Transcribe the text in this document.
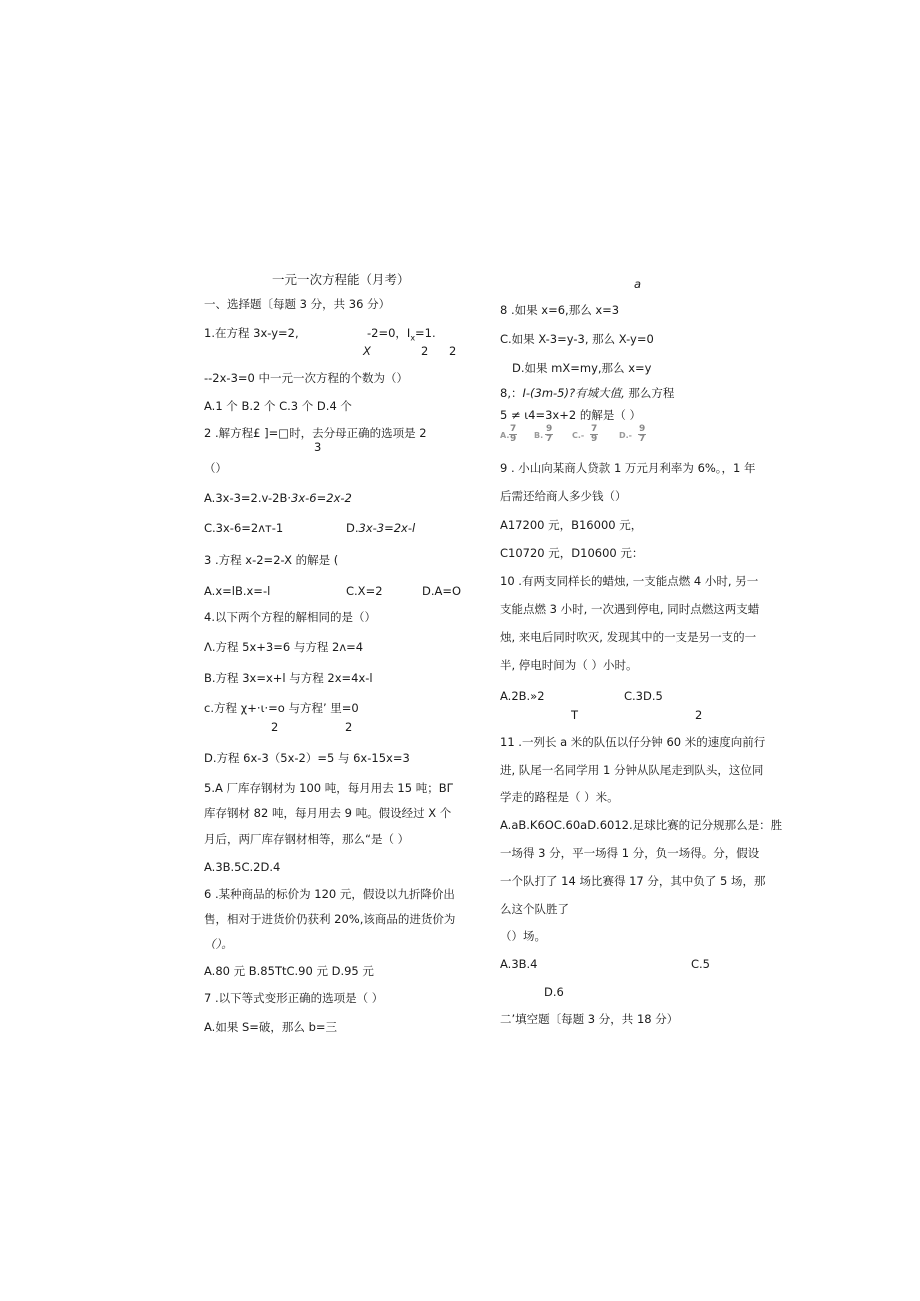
一元一次方程能（月考）	a
一、选择题〔每题 3 分，共 36 分）
1.在方程 3x-y=2,	-2=0，$I_x=1$.
X	2 2
--2x-3=0 中一元一次方程的个数为（）
A.1 个 B.2 个 C.3 个 D.4 个
2 .解方程£ ]=□时，去分母正确的选项是 2
3
（）
A.3x-3=2.v-2B·3x-6=2x-2
C.3x-6=2ʌт-1	D.3x-3=2x-l
3 .方程 x-2=2-X 的解是 (
A.x=lB.x=-l	C.X=2	D.A=O
4.以下两个方程的解相同的是（）
Λ.方程 5x+3=6 与方程 2ʌ=4
B.方程 3x=x+l 与方程 2x=4x-l
c.方程 χ+·ι·=o 与方程’ 里=0
2	2
D.方程 6x-3（5x-2）=5 与 6x-15x=3
5.A 厂库存钢材为 100 吨，每月用去 15 吨；BΓ
库存钢材 82 吨，每月用去 9 吨。假设经过 X 个
月后，两厂库存钢材相等，那么“是（ ）
A.3B.5C.2D.4
6 .某种商品的标价为 120 元，假设以九折降价出
售，相对于进货价仍获利 20%,该商品的进货价为
（）。
A.80 元 B.85TtC.90 元 D.95 元
7 .以下等式变形正确的选项是（ ）
A.如果 S=破，那么 b=三
8 .如果 x=6,那么 x=3
C.如果 X-3=y-3, 那么 X-y=0
D.如果 mX=my,那么 x=y
8,：I-(3m-5)?有城大值, 那么方程
5 ≠ ι4=3x+2 的解是（ ）
A. $\frac{7}{9} B$. $\frac{9}{7} C.- \frac{7}{9}$	$D.- \frac{9}{7}$
9 . 小山向某商人贷款 1 万元月利率为 6%。，1 年
后需还给商人多少钱（）
A17200 元，B16000 元，
C10720 元，D10600 元：
10 .有两支同样长的蜡烛, 一支能点燃 4 小时, 另一
支能点燃 3 小时, 一次遇到停电, 同时点燃这两支蜡
烛, 来电后同时吹灭, 发现其中的一支是另一支的一
半, 停电时间为（ ）小时。
A.2B.»2	C.3D.5
T	2
11 .一列长 a 米的队伍以仔分钟 60 米的速度向前行
进, 队尾一名同学用 1 分钟从队尾走到队头，这位同
学走的路程是（ ）米。
A.aB.K6OC.60aD.6012.足球比赛的记分规那么是：胜
一场得 3 分，平一场得 1 分，负一场得。分，假设
一个队打了 14 场比赛得 17 分，其中负了 5 场，那
么这个队胜了
（）场。
A.3B.4	C.5
D.6
二’填空题〔每题 3 分，共 18 分）
